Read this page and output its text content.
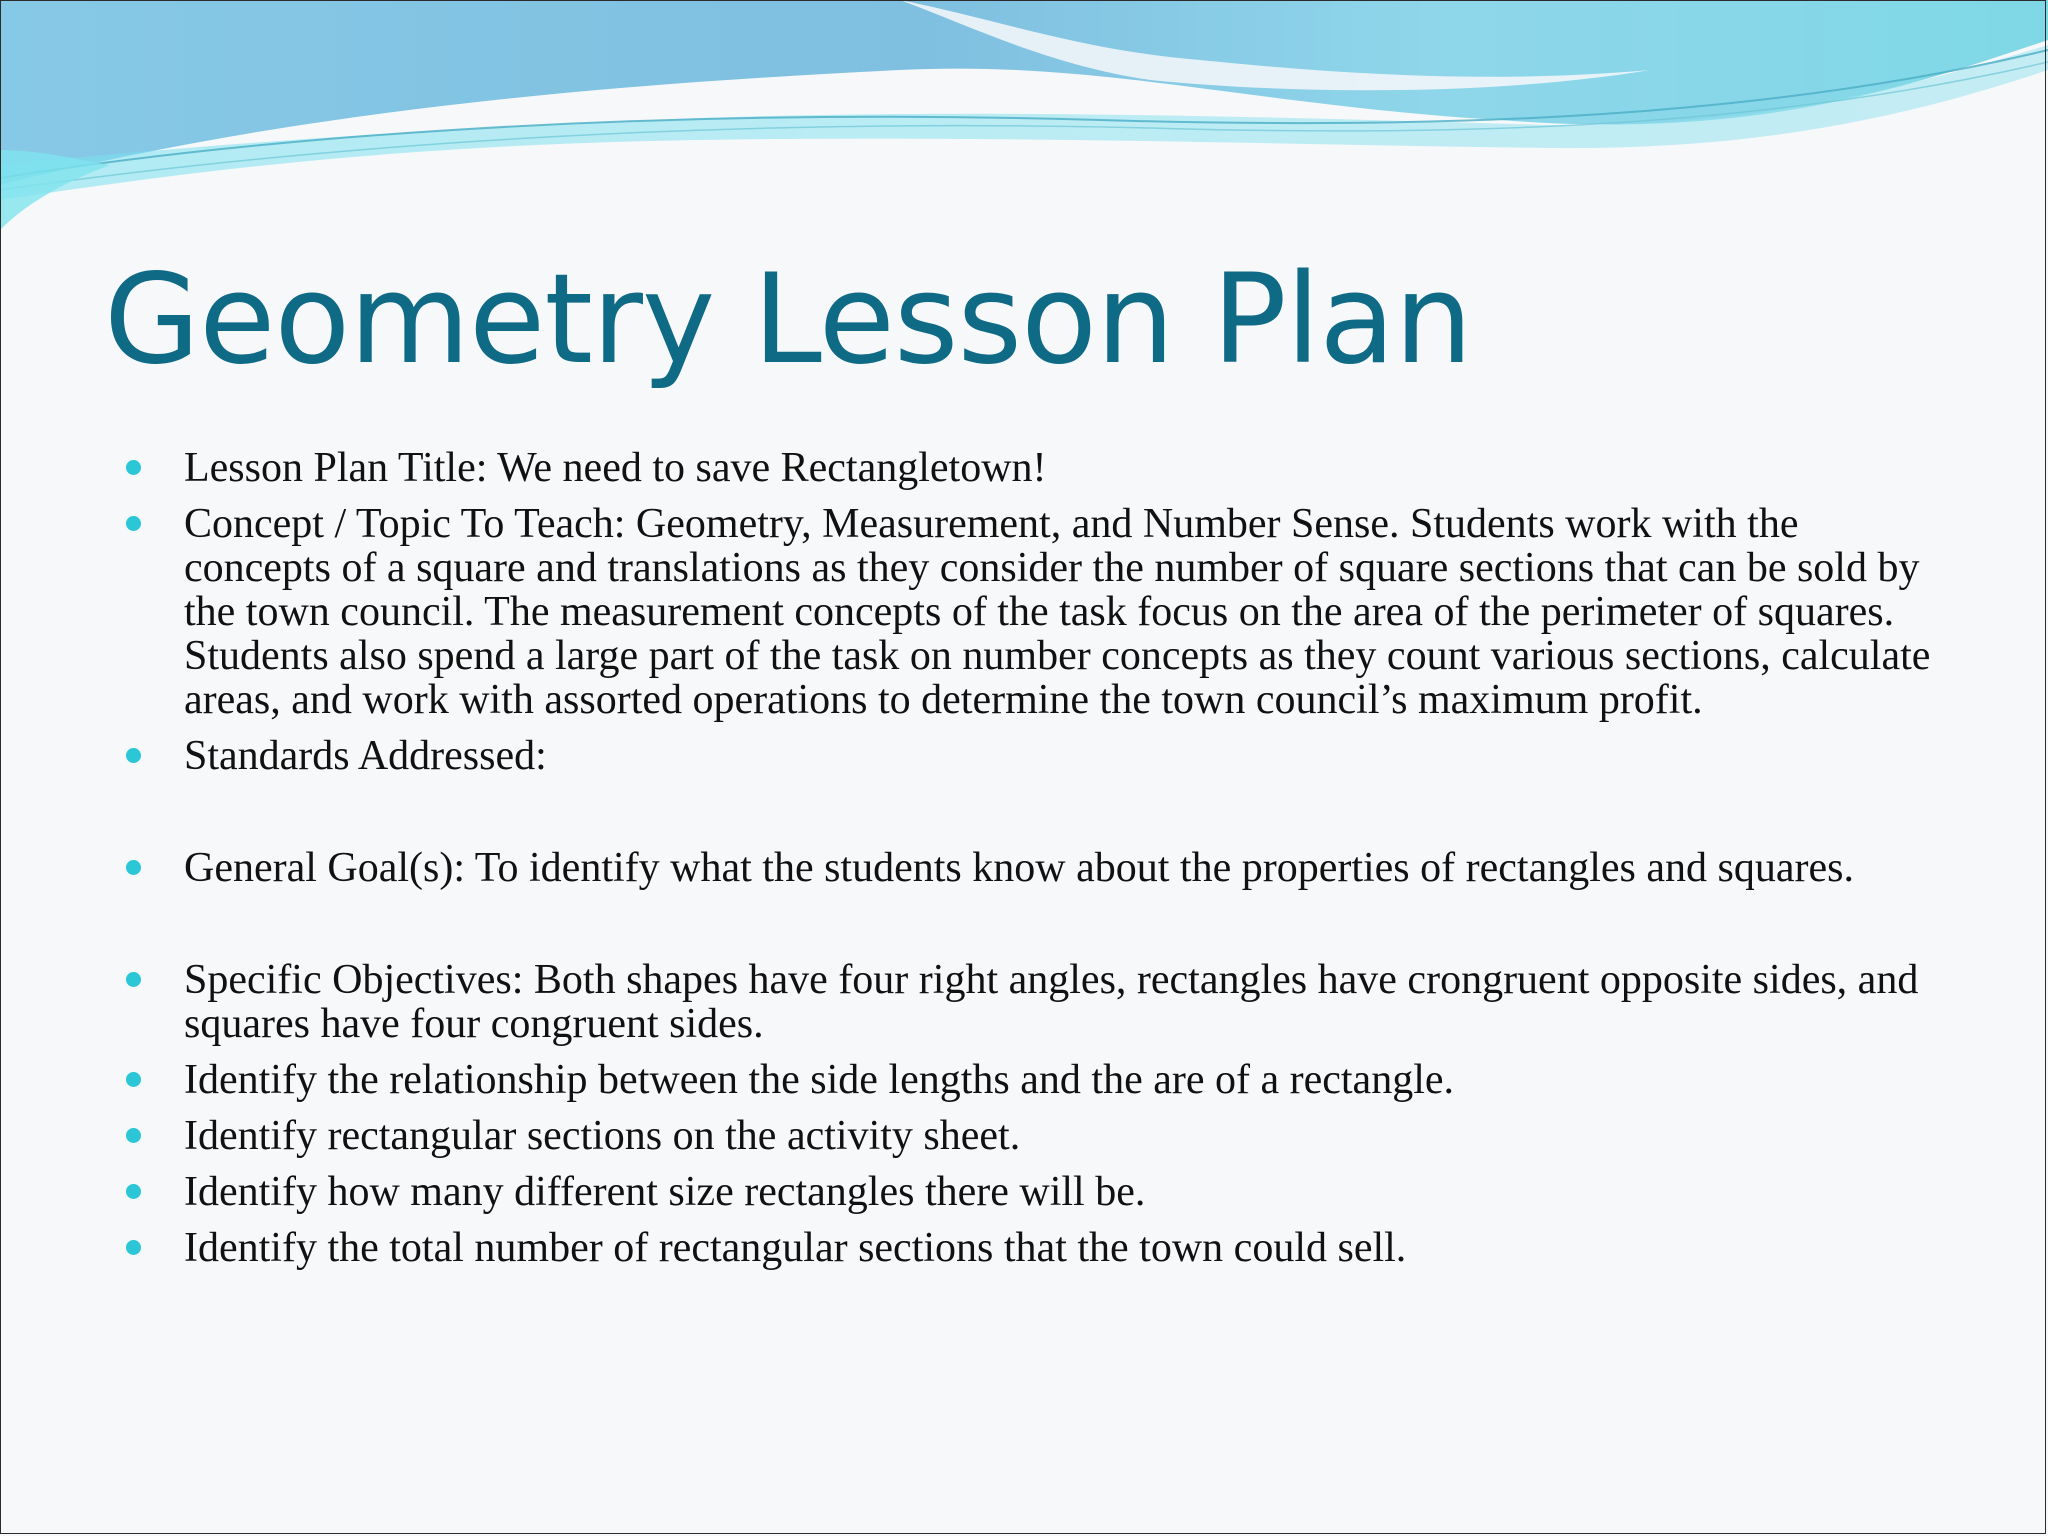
Geometry Lesson Plan
Lesson Plan Title: We need to save Rectangletown!
Concept / Topic To Teach: Geometry, Measurement, and Number Sense. Students work with the concepts of a square and translations as they consider the number of square sections that can be sold by the town council. The measurement concepts of the task focus on the area of the perimeter of squares. Students also spend a large part of the task on number concepts as they count various sections, calculate areas, and work with assorted operations to determine the town council’s maximum profit.
Standards Addressed:
General Goal(s): To identify what the students know about the properties of rectangles and squares.
Specific Objectives: Both shapes have four right angles, rectangles have crongruent opposite sides, and squares have four congruent sides.
Identify the relationship between the side lengths and the are of a rectangle.
Identify rectangular sections on the activity sheet.
Identify how many different size rectangles there will be.
Identify the total number of rectangular sections that the town could sell.
